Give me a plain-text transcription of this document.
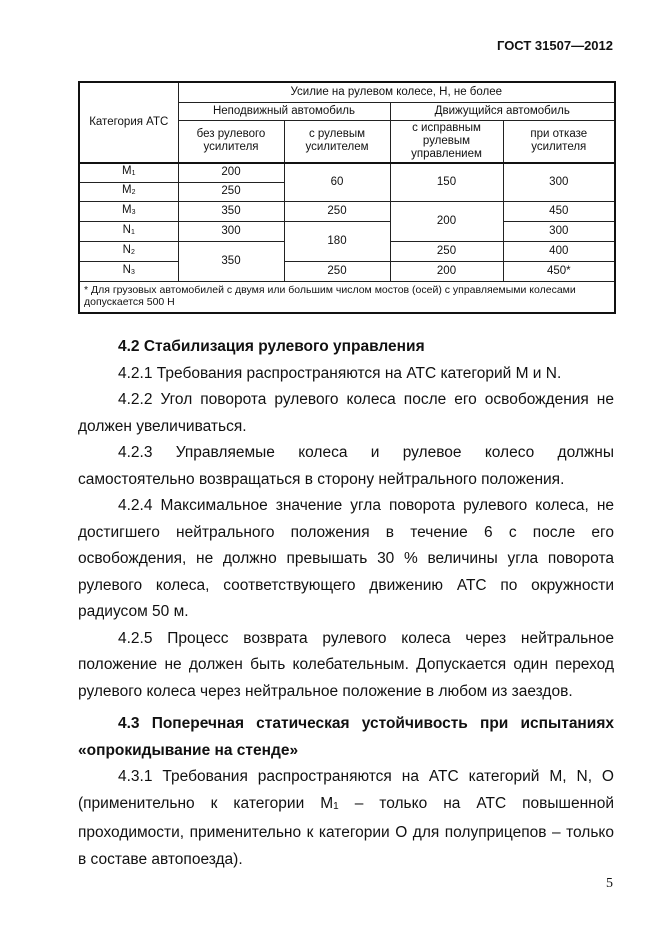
ГОСТ 31507—2012
Категория АТС	Усилие на рулевом колесе, Н, не более			
	Неподвижный автомобиль		Движущийся автомобиль	
	без рулевого усилителя	с рулевым усилителем	с исправным рулевым управлением	при отказе усилителя
$M_1$	200	60	150	300
$M_2$	250			
$M_3$	350	250	200	450
$N_1$	300	180		300
$N_2$	350		250	400
$N_3$		250	200	450*
* Для грузовых автомобилей с двумя или большим числом мостов (осей) с управляемыми колесами допускается 500 Н				

4.2 Стабилизация рулевого управления

4.2.1 Требования распространяются на АТС категорий М и N.

4.2.2 Угол поворота рулевого колеса после его освобождения не должен увеличиваться.

4.2.3 Управляемые колеса и рулевое колесо должны самостоятельно возвращаться в сторону нейтрального положения.

4.2.4 Максимальное значение угла поворота рулевого колеса, не достигшего нейтрального положения в течение 6 с после его освобождения, не должно превышать 30 % величины угла поворота рулевого колеса, соответствующего движению АТС по окружности радиусом 50 м.

4.2.5 Процесс возврата рулевого колеса через нейтральное положение не должен быть колебательным. Допускается один переход рулевого колеса через нейтральное положение в любом из заездов.

4.3 Поперечная статическая устойчивость при испытаниях «опрокидывание на стенде»

4.3.1 Требования распространяются на АТС категорий М, N, О (применительно к категории $М_1$ – только на АТС повышенной проходимости, применительно к категории О для полуприцепов – только в составе автопоезда).

5
